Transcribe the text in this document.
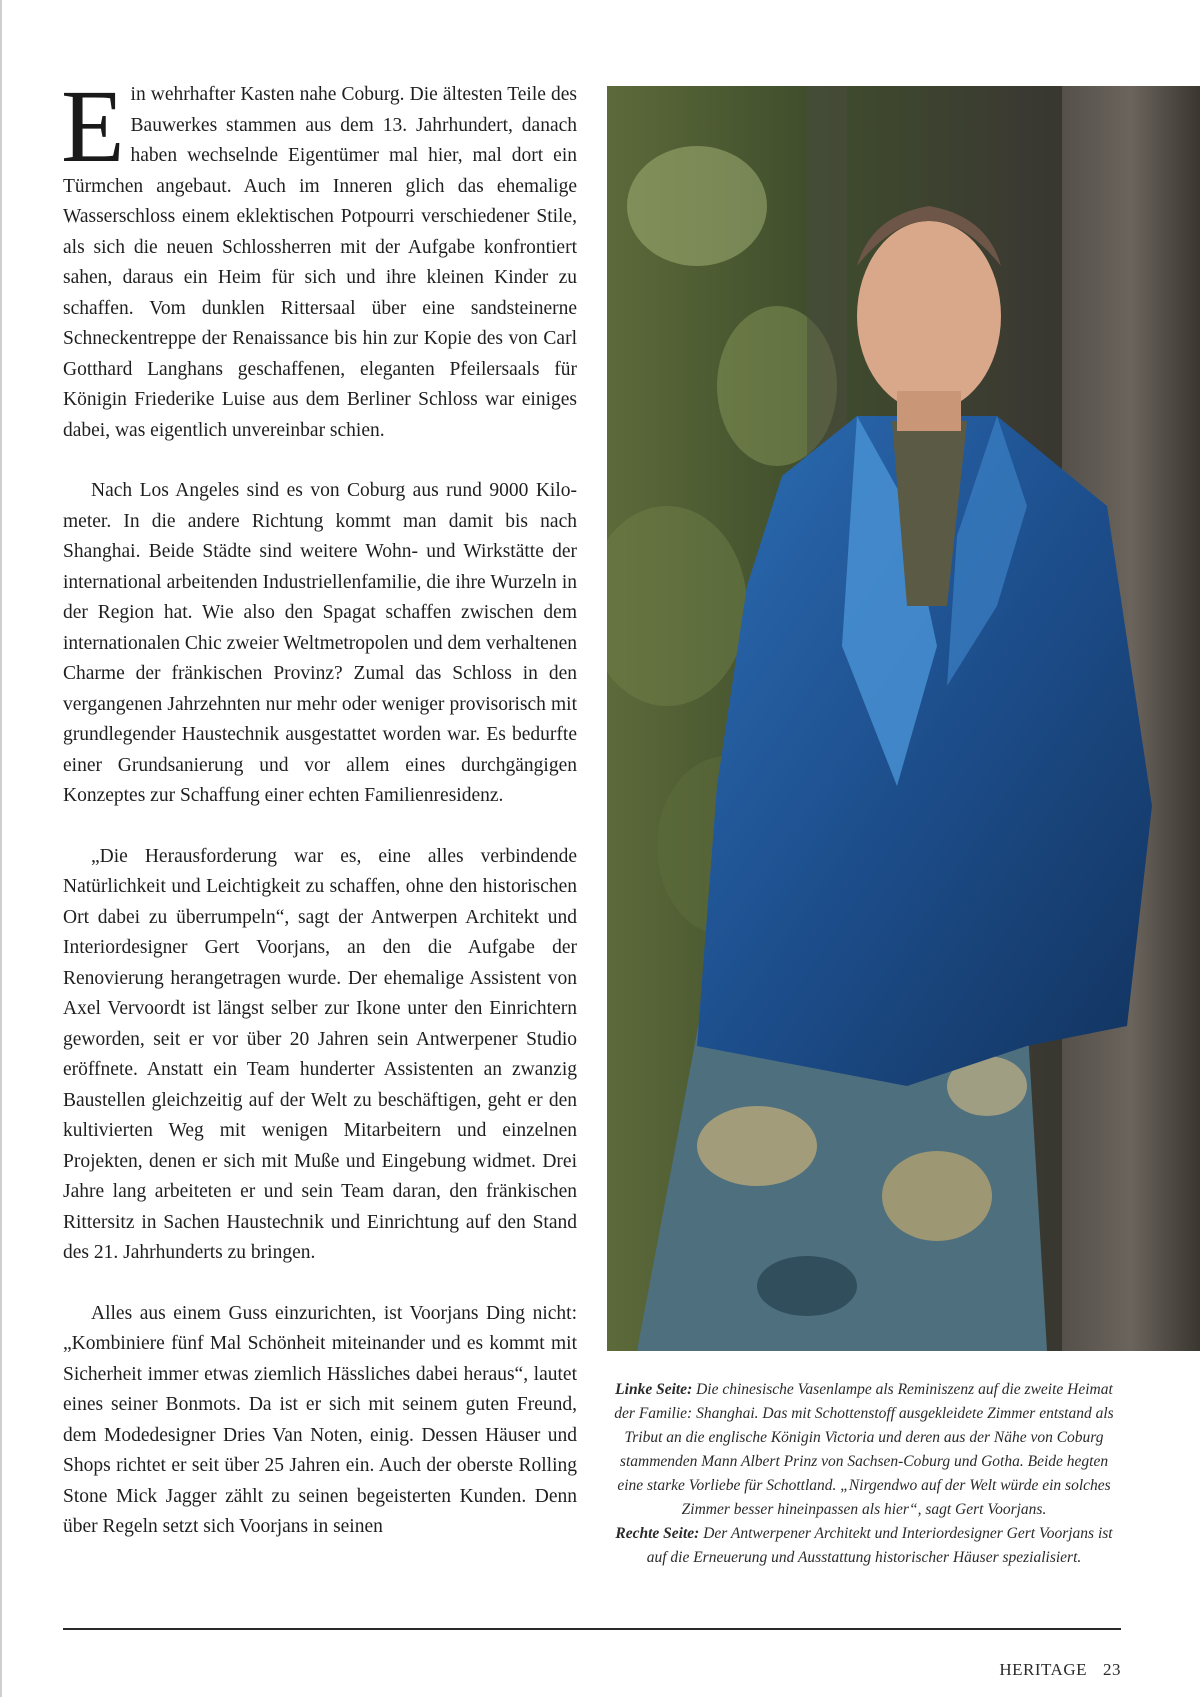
Ein wehrhafter Kasten nahe Coburg. Die ältesten Teile des Bauwerkes stammen aus dem 13. Jahrhundert, danach haben wechselnde Eigentümer mal hier, mal dort ein Türmchen angebaut. Auch im Inneren glich das ehemalige Wasserschloss einem eklektischen Potpourri verschiedener Stile, als sich die neuen Schlossherren mit der Aufgabe konfrontiert sahen, daraus ein Heim für sich und ihre kleinen Kinder zu schaffen. Vom dunklen Rittersaal über eine sandsteinerne Schneckentreppe der Renaissance bis hin zur Kopie des von Carl Gotthard Langhans geschaffenen, eleganten Pfeilersaals für Königin Friederike Luise aus dem Berliner Schloss war einiges dabei, was eigentlich unvereinbar schien.

Nach Los Angeles sind es von Coburg aus rund 9000 Kilometer. In die andere Richtung kommt man damit bis nach Shanghai. Beide Städte sind weitere Wohn- und Wirkstätte der international arbeitenden Industriellenfamilie, die ihre Wurzeln in der Region hat. Wie also den Spagat schaffen zwischen dem internationalen Chic zweier Weltmetropolen und dem verhaltenen Charme der fränkischen Provinz? Zumal das Schloss in den vergangenen Jahrzehnten nur mehr oder weniger provisorisch mit grundlegender Haustechnik ausgestattet worden war. Es bedurfte einer Grundsanierung und vor allem eines durchgängigen Konzeptes zur Schaffung einer echten Familienresidenz.

„Die Herausforderung war es, eine alles verbindende Natürlichkeit und Leichtigkeit zu schaffen, ohne den historischen Ort dabei zu überrumpeln“, sagt der Antwerpen Architekt und Interiordesigner Gert Voorjans, an den die Aufgabe der Renovierung herangetragen wurde. Der ehemalige Assistent von Axel Vervoordt ist längst selber zur Ikone unter den Einrichtern geworden, seit er vor über 20 Jahren sein Antwerpener Studio eröffnete. Anstatt ein Team hunderter Assistenten an zwanzig Baustellen gleichzeitig auf der Welt zu beschäftigen, geht er den kultivierten Weg mit wenigen Mitarbeitern und einzelnen Projekten, denen er sich mit Muße und Eingebung widmet. Drei Jahre lang arbeiteten er und sein Team daran, den fränkischen Rittersitz in Sachen Haustechnik und Einrichtung auf den Stand des 21. Jahrhunderts zu bringen.

Alles aus einem Guss einzurichten, ist Voorjans Ding nicht: „Kombiniere fünf Mal Schönheit miteinander und es kommt mit Sicherheit immer etwas ziemlich Hässliches dabei heraus“, lautet eines seiner Bonmots. Da ist er sich mit seinem guten Freund, dem Modedesigner Dries Van Noten, einig. Dessen Häuser und Shops richtet er seit über 25 Jahren ein. Auch der oberste Rolling Stone Mick Jagger zählt zu seinen begeisterten Kunden. Denn über Regeln setzt sich Voorjans in seinen

Linke Seite: Die chinesische Vasenlampe als Reminiszenz auf die zweite Heimat der Familie: Shanghai. Das mit Schottenstoff ausgekleidete Zimmer entstand als Tribut an die englische Königin Victoria und deren aus der Nähe von Coburg stammenden Mann Albert Prinz von Sachsen-Coburg und Gotha. Beide hegten eine starke Vorliebe für Schottland. „Nirgendwo auf der Welt würde ein solches Zimmer besser hineinpassen als hier“, sagt Gert Voorjans.
Rechte Seite: Der Antwerpener Architekt und Interiordesigner Gert Voorjans ist auf die Erneuerung und Ausstattung historischer Häuser spezialisiert.
HERITAGE 23
